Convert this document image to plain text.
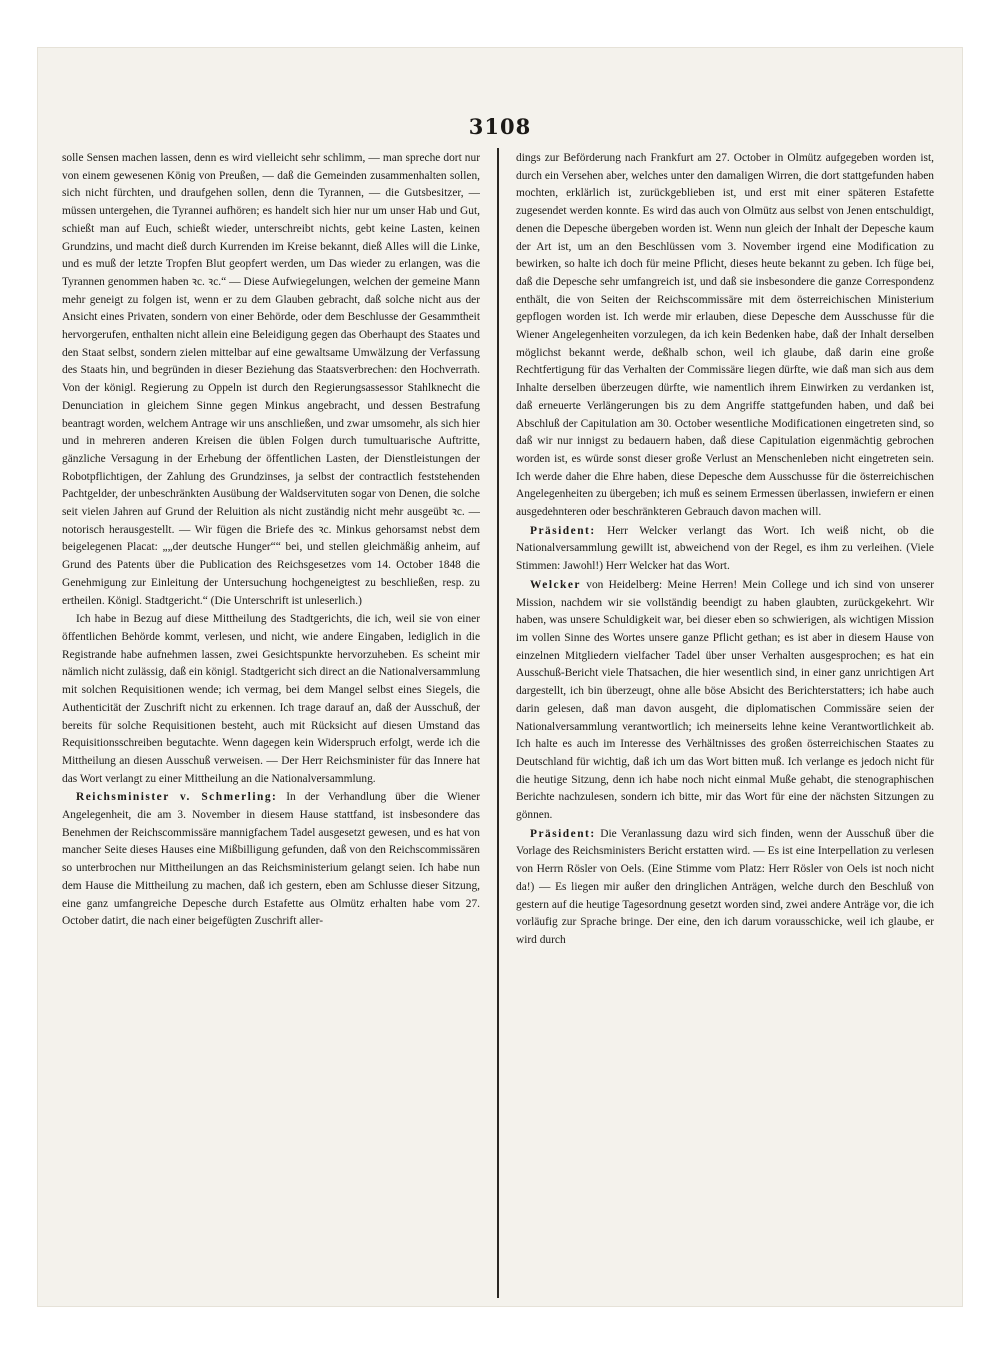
3108

solle Sensen machen lassen, denn es wird vielleicht sehr schlimm, — man spreche dort nur von einem gewesenen König von Preußen, — daß die Gemeinden zusammenhalten sollen, sich nicht fürchten, und draufgehen sollen, denn die Tyrannen, — die Gutsbesitzer, — müssen untergehen, die Tyrannei aufhören; es handelt sich hier nur um unser Hab und Gut, schießt man auf Euch, schießt wieder, unterschreibt nichts, gebt keine Lasten, keinen Grundzins, und macht dieß durch Kurrenden im Kreise bekannt, dieß Alles will die Linke, und es muß der letzte Tropfen Blut geopfert werden, um Das wieder zu erlangen, was die Tyrannen genommen haben ꝛc. ꝛc.“ — Diese Aufwiegelungen, welchen der gemeine Mann mehr geneigt zu folgen ist, wenn er zu dem Glauben gebracht, daß solche nicht aus der Ansicht eines Privaten, sondern von einer Behörde, oder dem Beschlusse der Gesammtheit hervorgerufen, enthalten nicht allein eine Beleidigung gegen das Oberhaupt des Staates und den Staat selbst, sondern zielen mittelbar auf eine gewaltsame Umwälzung der Verfassung des Staats hin, und begründen in dieser Beziehung das Staatsverbrechen: den Hochverrath. Von der königl. Regierung zu Oppeln ist durch den Regierungsassessor Stahlknecht die Denunciation in gleichem Sinne gegen Minkus angebracht, und dessen Bestrafung beantragt worden, welchem Antrage wir uns anschließen, und zwar umsomehr, als sich hier und in mehreren anderen Kreisen die üblen Folgen durch tumultuarische Auftritte, gänzliche Versagung in der Erhebung der öffentlichen Lasten, der Dienstleistungen der Robotpflichtigen, der Zahlung des Grundzinses, ja selbst der contractlich feststehenden Pachtgelder, der unbeschränkten Ausübung der Waldservituten sogar von Denen, die solche seit vielen Jahren auf Grund der Reluition als nicht zuständig nicht mehr ausgeübt ꝛc. — notorisch herausgestellt. — Wir fügen die Briefe des ꝛc. Minkus gehorsamst nebst dem beigelegenen Placat: „„der deutsche Hunger““ bei, und stellen gleichmäßig anheim, auf Grund des Patents über die Publication des Reichsgesetzes vom 14. October 1848 die Genehmigung zur Einleitung der Untersuchung hochgeneigtest zu beschließen, resp. zu ertheilen. Königl. Stadtgericht.“ (Die Unterschrift ist unleserlich.)

Ich habe in Bezug auf diese Mittheilung des Stadtgerichts, die ich, weil sie von einer öffentlichen Behörde kommt, verlesen, und nicht, wie andere Eingaben, lediglich in die Registrande habe aufnehmen lassen, zwei Gesichtspunkte hervorzuheben. Es scheint mir nämlich nicht zulässig, daß ein königl. Stadtgericht sich direct an die Nationalversammlung mit solchen Requisitionen wende; ich vermag, bei dem Mangel selbst eines Siegels, die Authenticität der Zuschrift nicht zu erkennen. Ich trage darauf an, daß der Ausschuß, der bereits für solche Requisitionen besteht, auch mit Rücksicht auf diesen Umstand das Requisitionsschreiben begutachte. Wenn dagegen kein Widerspruch erfolgt, werde ich die Mittheilung an diesen Ausschuß verweisen. — Der Herr Reichsminister für das Innere hat das Wort verlangt zu einer Mittheilung an die Nationalversammlung.

Reichsminister v. Schmerling: In der Verhandlung über die Wiener Angelegenheit, die am 3. November in diesem Hause stattfand, ist insbesondere das Benehmen der Reichscommissäre mannigfachem Tadel ausgesetzt gewesen, und es hat von mancher Seite dieses Hauses eine Mißbilligung gefunden, daß von den Reichscommissären so unterbrochen nur Mittheilungen an das Reichsministerium gelangt seien. Ich habe nun dem Hause die Mittheilung zu machen, daß ich gestern, eben am Schlusse dieser Sitzung, eine ganz umfangreiche Depesche durch Estafette aus Olmütz erhalten habe vom 27. October datirt, die nach einer beigefügten Zuschrift aller-

dings zur Beförderung nach Frankfurt am 27. October in Olmütz aufgegeben worden ist, durch ein Versehen aber, welches unter den damaligen Wirren, die dort stattgefunden haben mochten, erklärlich ist, zurückgeblieben ist, und erst mit einer späteren Estafette zugesendet werden konnte. Es wird das auch von Olmütz aus selbst von Jenen entschuldigt, denen die Depesche übergeben worden ist. Wenn nun gleich der Inhalt der Depesche kaum der Art ist, um an den Beschlüssen vom 3. November irgend eine Modification zu bewirken, so halte ich doch für meine Pflicht, dieses heute bekannt zu geben. Ich füge bei, daß die Depesche sehr umfangreich ist, und daß sie insbesondere die ganze Correspondenz enthält, die von Seiten der Reichscommissäre mit dem österreichischen Ministerium gepflogen worden ist. Ich werde mir erlauben, diese Depesche dem Ausschusse für die Wiener Angelegenheiten vorzulegen, da ich kein Bedenken habe, daß der Inhalt derselben möglichst bekannt werde, deßhalb schon, weil ich glaube, daß darin eine große Rechtfertigung für das Verhalten der Commissäre liegen dürfte, wie daß man sich aus dem Inhalte derselben überzeugen dürfte, wie namentlich ihrem Einwirken zu verdanken ist, daß erneuerte Verlängerungen bis zu dem Angriffe stattgefunden haben, und daß bei Abschluß der Capitulation am 30. October wesentliche Modificationen eingetreten sind, so daß wir nur innigst zu bedauern haben, daß diese Capitulation eigenmächtig gebrochen worden ist, es würde sonst dieser große Verlust an Menschenleben nicht eingetreten sein. Ich werde daher die Ehre haben, diese Depesche dem Ausschusse für die österreichischen Angelegenheiten zu übergeben; ich muß es seinem Ermessen überlassen, inwiefern er einen ausgedehnteren oder beschränkteren Gebrauch davon machen will.

Präsident: Herr Welcker verlangt das Wort. Ich weiß nicht, ob die Nationalversammlung gewillt ist, abweichend von der Regel, es ihm zu verleihen. (Viele Stimmen: Jawohl!) Herr Welcker hat das Wort.

Welcker von Heidelberg: Meine Herren! Mein College und ich sind von unserer Mission, nachdem wir sie vollständig beendigt zu haben glaubten, zurückgekehrt. Wir haben, was unsere Schuldigkeit war, bei dieser eben so schwierigen, als wichtigen Mission im vollen Sinne des Wortes unsere ganze Pflicht gethan; es ist aber in diesem Hause von einzelnen Mitgliedern vielfacher Tadel über unser Verhalten ausgesprochen; es hat ein Ausschuß-Bericht viele Thatsachen, die hier wesentlich sind, in einer ganz unrichtigen Art dargestellt, ich bin überzeugt, ohne alle böse Absicht des Berichterstatters; ich habe auch darin gelesen, daß man davon ausgeht, die diplomatischen Commissäre seien der Nationalversammlung verantwortlich; ich meinerseits lehne keine Verantwortlichkeit ab. Ich halte es auch im Interesse des Verhältnisses des großen österreichischen Staates zu Deutschland für wichtig, daß ich um das Wort bitten muß. Ich verlange es jedoch nicht für die heutige Sitzung, denn ich habe noch nicht einmal Muße gehabt, die stenographischen Berichte nachzulesen, sondern ich bitte, mir das Wort für eine der nächsten Sitzungen zu gönnen.

Präsident: Die Veranlassung dazu wird sich finden, wenn der Ausschuß über die Vorlage des Reichsministers Bericht erstatten wird. — Es ist eine Interpellation zu verlesen von Herrn Rösler von Oels. (Eine Stimme vom Platz: Herr Rösler von Oels ist noch nicht da!) — Es liegen mir außer den dringlichen Anträgen, welche durch den Beschluß von gestern auf die heutige Tagesordnung gesetzt worden sind, zwei andere Anträge vor, die ich vorläufig zur Sprache bringe. Der eine, den ich darum vorausschicke, weil ich glaube, er wird durch
